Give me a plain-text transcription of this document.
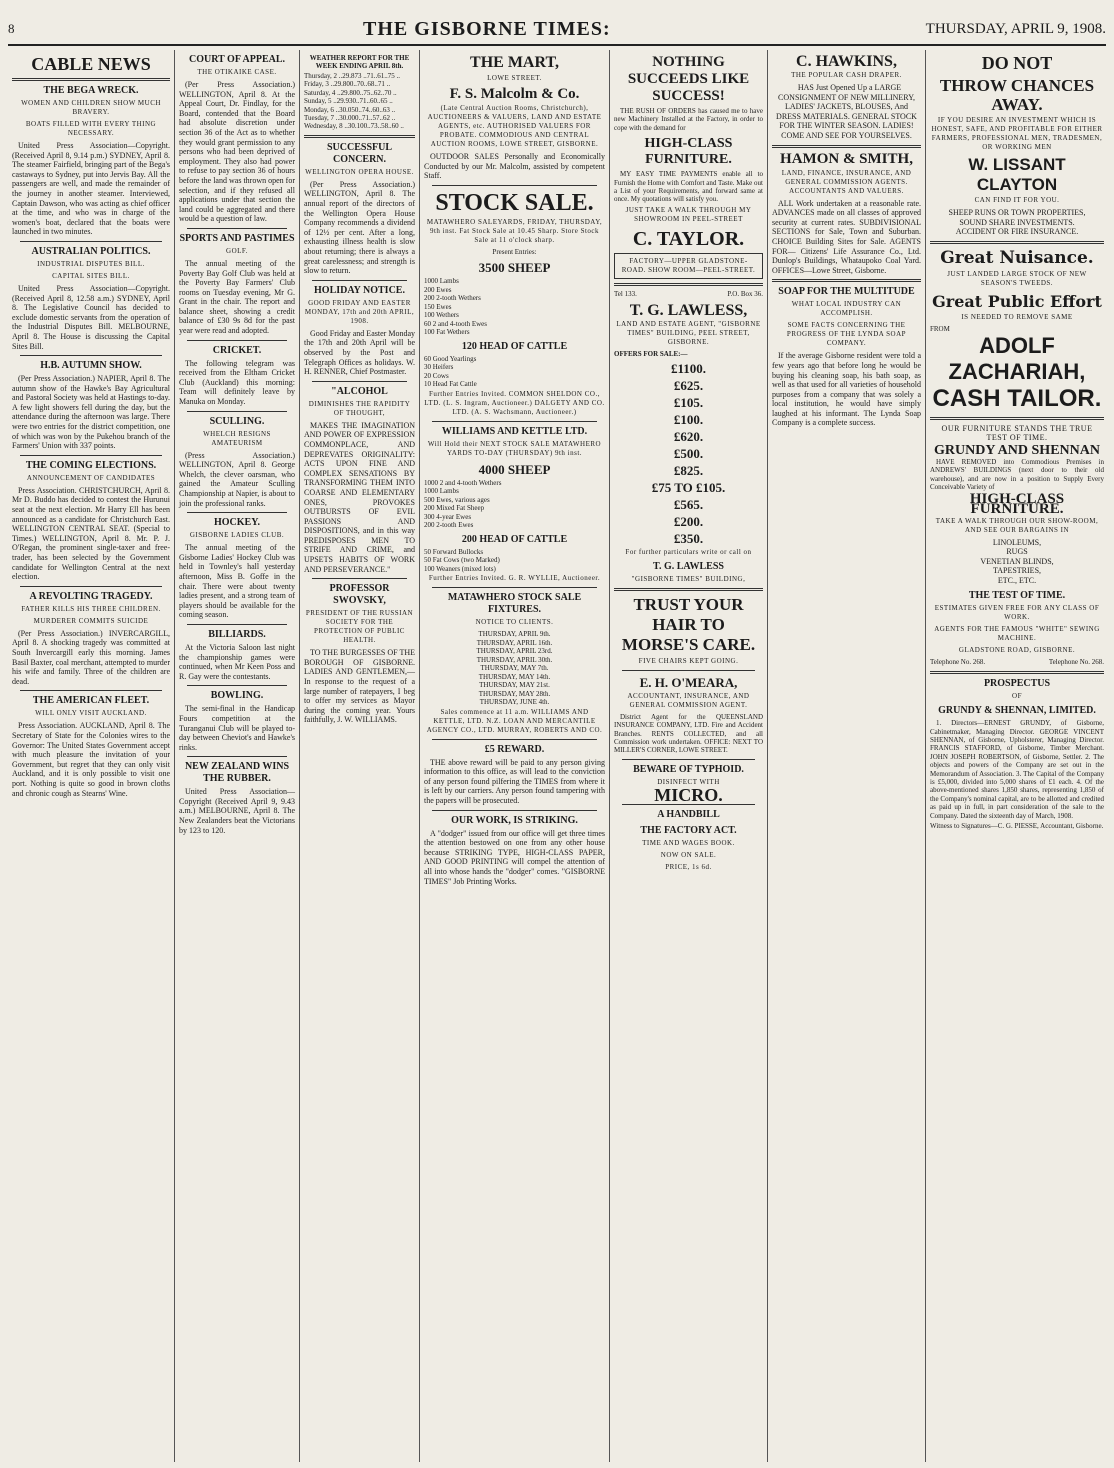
8	THE GISBORNE TIMES:	THURSDAY, APRIL 9, 1908.
CABLE NEWS
THE BEGA WRECK.
WOMEN AND CHILDREN SHOW MUCH BRAVERY.
BOATS FILLED WITH EVERY THING NECESSARY.

United Press Association—Copyright. (Received April 8, 9.14 p.m.) SYDNEY, April 8. The steamer Fairfield, bringing part of the Bega's castaways to Sydney, put into Jervis Bay. All the passengers are well, and made the remainder of the journey in another steamer. Interviewed, Captain Dawson, who was acting as chief officer at the time, and who was in charge of the women's boat, declared that the boats were launched in two minutes.

AUSTRALIAN POLITICS.
INDUSTRIAL DISPUTES BILL.
CAPITAL SITES BILL.

United Press Association—Copyright. (Received April 8, 12.58 a.m.) SYDNEY, April 8. The Legislative Council has decided to exclude domestic servants from the operation of the Industrial Disputes Bill. MELBOURNE, April 8. The House is discussing the Capital Sites Bill.

H.B. AUTUMN SHOW.

(Per Press Association.) NAPIER, April 8. The autumn show of the Hawke's Bay Agricultural and Pastoral Society was held at Hastings to-day. A few light showers fell during the day, but the attendance during the afternoon was large. There were two entries for the district competition, one of which was won by the Pukehou branch of the Farmers' Union with 337 points.

THE COMING ELECTIONS.
ANNOUNCEMENT OF CANDIDATES

Press Association. CHRISTCHURCH, April 8. Mr D. Buddo has decided to contest the Hurunui seat at the next election. Mr Harry Ell has been announced as a candidate for Christchurch East. WELLINGTON CENTRAL SEAT. (Special to Times.) WELLINGTON, April 8. Mr. P. J. O'Regan, the prominent single-taxer and free-trader, has been selected by the Government candidate for Wellington Central at the next election.

A REVOLTING TRAGEDY.
FATHER KILLS HIS THREE CHILDREN.
MURDERER COMMITS SUICIDE

(Per Press Association.) INVERCARGILL, April 8. A shocking tragedy was committed at South Invercargill early this morning. James Basil Baxter, coal merchant, attempted to murder his wife and family. Three of the children are dead.

THE AMERICAN FLEET.
WILL ONLY VISIT AUCKLAND.

Press Association. AUCKLAND, April 8. The Secretary of State for the Colonies wires to the Governor: The United States Government accept with much pleasure the invitation of your Government, but regret that they can only visit Auckland, and it is only possible to visit one port. Nothing is quite so good in brown cloths and chronic cough as Stearns' Wine.

COURT OF APPEAL.
THE OTIKAIKE CASE.

(Per Press Association.) WELLINGTON, April 8. At the Appeal Court, Dr. Findlay, for the Board, contended that the Board had absolute discretion under section 36 of the Act as to whether they would grant permission to any persons who had been deprived of employment. They also had power to refuse to pay section 36 of hours before the land was thrown open for selection, and if they refused all applications under that section the land could be aggregated and there would be a question of law.

SPORTS AND PASTIMES
GOLF.

The annual meeting of the Poverty Bay Golf Club was held at the Poverty Bay Farmers' Club rooms on Tuesday evening, Mr G. Grant in the chair. The report and balance sheet, showing a credit balance of £30 9s 8d for the past year were read and adopted.

CRICKET.

The following telegram was received from the Eltham Cricket Club (Auckland) this morning: Team will definitely leave by Manuka on Monday.

SCULLING.
WHELCH RESIGNS AMATEURISM

(Press Association.) WELLINGTON, April 8. George Whelch, the clever oarsman, who gained the Amateur Sculling Championship at Napier, is about to join the professional ranks.

HOCKEY.
GISBORNE LADIES CLUB.

The annual meeting of the Gisborne Ladies' Hockey Club was held in Townley's hall yesterday afternoon, Miss B. Goffe in the chair. There were about twenty ladies present, and a strong team of players should be available for the coming season.

BILLIARDS.

At the Victoria Saloon last night the championship games were continued, when Mr Keen Poss and R. Gay were the contestants.

BOWLING.

The semi-final in the Handicap Fours competition at the Turanganui Club will be played to-day between Cheviot's and Hawke's rinks.

NEW ZEALAND WINS THE RUBBER.

United Press Association—Copyright (Received April 9, 9.43 a.m.) MELBOURNE, April 8. The New Zealanders beat the Victorians by 123 to 120.

WEATHER REPORT FOR THE WEEK ENDING APRIL 8th.
Thursday, 2 ..29.873 ..71..61..75 ..
Friday, 3 ..29.800..70..68..71 ..
Saturday, 4 ..29.800..75..62..70 ..
Sunday, 5 ..29.930..71..60..65 ..
Monday, 6 ..30.050..74..60..63 ..
Tuesday, 7 ..30.000..71..57..62 ..
Wednesday, 8 ..30.100..73..58..60 ..
SUCCESSFUL CONCERN.
WELLINGTON OPERA HOUSE.

(Per Press Association.) WELLINGTON, April 8. The annual report of the directors of the Wellington Opera House Company recommends a dividend of 12½ per cent. After a long, exhausting illness health is slow about returning; there is always a great carelessness; and strength is slow to return.

HOLIDAY NOTICE.
GOOD FRIDAY AND EASTER MONDAY, 17th and 20th APRIL, 1908.

Good Friday and Easter Monday the 17th and 20th April will be observed by the Post and Telegraph Offices as holidays. W. H. RENNER, Chief Postmaster.

"ALCOHOL
DIMINISHES THE RAPIDITY OF THOUGHT,

MAKES THE IMAGINATION AND POWER OF EXPRESSION COMMONPLACE, AND DEPREVATES ORIGINALITY: ACTS UPON FINE AND COMPLEX SENSATIONS BY TRANSFORMING THEM INTO COARSE AND ELEMENTARY ONES, PROVOKES OUTBURSTS OF EVIL PASSIONS AND DISPOSITIONS, and in this way PREDISPOSES MEN TO STRIFE AND CRIME, and UPSETS HABITS OF WORK AND PERSEVERANCE."

PROFESSOR SWOVSKY,
PRESIDENT OF THE RUSSIAN SOCIETY FOR THE PROTECTION OF PUBLIC HEALTH.

TO THE BURGESSES OF THE BOROUGH OF GISBORNE. LADIES AND GENTLEMEN,— In response to the request of a large number of ratepayers, I beg to offer my services as Mayor during the coming year. Yours faithfully, J. W. WILLIAMS.

THE MART,
LOWE STREET.
F. S. Malcolm & Co.
(Late Central Auction Rooms, Christchurch), AUCTIONEERS & VALUERS, LAND AND ESTATE AGENTS, etc. AUTHORISED VALUERS FOR PROBATE. COMMODIOUS AND CENTRAL AUCTION ROOMS, LOWE STREET, GISBORNE.

OUTDOOR SALES Personally and Economically Conducted by our Mr. Malcolm, assisted by competent Staff.

STOCK SALE.
MATAWHERO SALEYARDS, FRIDAY, THURSDAY, 9th inst. Fat Stock Sale at 10.45 Sharp. Store Stock Sale at 11 o'clock sharp.
Present Entries:
3500 SHEEP
1000 Lambs
200 Ewes
200 2-tooth Wethers
150 Ewes
100 Wethers
60 2 and 4-tooth Ewes
100 Fat Wethers
120 HEAD OF CATTLE
60 Good Yearlings
30 Heifers
20 Cows
10 Head Fat Cattle
Further Entries Invited. COMMON SHELDON CO., LTD. (L. S. Ingram, Auctioneer.) DALGETY AND CO. LTD. (A. S. Wachsmann, Auctioneer.)
WILLIAMS AND KETTLE LTD.
Will Hold their NEXT STOCK SALE MATAWHERO YARDS TO-DAY (THURSDAY) 9th inst.
4000 SHEEP
1000 2 and 4-tooth Wethers
1000 Lambs
500 Ewes, various ages
200 Mixed Fat Sheep
300 4-year Ewes
200 2-tooth Ewes
200 HEAD OF CATTLE
50 Forward Bullocks
50 Fat Cows (two Marked)
100 Weaners (mixed lots)
Further Entries Invited. G. R. WYLLIE, Auctioneer.
MATAWHERO STOCK SALE FIXTURES.
NOTICE TO CLIENTS.
THURSDAY, APRIL 9th.
THURSDAY, APRIL 16th.
THURSDAY, APRIL 23rd.
THURSDAY, APRIL 30th.
THURSDAY, MAY 7th.
THURSDAY, MAY 14th.
THURSDAY, MAY 21st.
THURSDAY, MAY 28th.
THURSDAY, JUNE 4th.
Sales commence at 11 a.m. WILLIAMS AND KETTLE, LTD. N.Z. LOAN AND MERCANTILE AGENCY CO., LTD. MURRAY, ROBERTS AND CO.
£5 REWARD.

THE above reward will be paid to any person giving information to this office, as will lead to the conviction of any person found pilfering the TIMES from where it is left by our carriers. Any person found tampering with the papers will be prosecuted.

OUR WORK, IS STRIKING.

A "dodger" issued from our office will get three times the attention bestowed on one from any other house because STRIKING TYPE, HIGH-CLASS PAPER, AND GOOD PRINTING will compel the attention of all into whose hands the "dodger" comes. "GISBORNE TIMES" Job Printing Works.

NOTHING SUCCEEDS LIKE SUCCESS!

THE RUSH OF ORDERS has caused me to have new Machinery Installed at the Factory, in order to cope with the demand for

HIGH-CLASS FURNITURE.

MY EASY TIME PAYMENTS enable all to Furnish the Home with Comfort and Taste. Make out a List of your Requirements, and forward same at once. My quotations will satisfy you.

JUST TAKE A WALK THROUGH MY SHOWROOM IN PEEL-STREET
C. TAYLOR.
FACTORY—UPPER GLADSTONE-ROAD. SHOW ROOM—PEEL-STREET.
Tel 133.	P.O. Box 36.
T. G. LAWLESS,
LAND AND ESTATE AGENT, "GISBORNE TIMES" BUILDING, PEEL STREET, GISBORNE.
OFFERS FOR SALE:—
£1100.
£625.
£105.
£100.
£620.
£500.
£825.
£75 TO £105.
£565.
£200.
£350.
For further particulars write or call on
T. G. LAWLESS
"GISBORNE TIMES" BUILDING,
TRUST YOUR HAIR TO MORSE'S CARE.
FIVE CHAIRS KEPT GOING.
E. H. O'MEARA,
ACCOUNTANT, INSURANCE, AND GENERAL COMMISSION AGENT.

District Agent for the QUEENSLAND INSURANCE COMPANY, LTD. Fire and Accident Branches. RENTS COLLECTED, and all Commission work undertaken. OFFICE: NEXT TO MILLER'S CORNER, LOWE STREET.

BEWARE OF TYPHOID.
DISINFECT WITH
MICRO.
A HANDBILL
THE FACTORY ACT.
TIME AND WAGES BOOK.
NOW ON SALE.
PRICE, 1s 6d.
C. HAWKINS,
THE POPULAR CASH DRAPER.

HAS Just Opened Up a LARGE CONSIGNMENT OF NEW MILLINERY, LADIES' JACKETS, BLOUSES, And DRESS MATERIALS. GENERAL STOCK FOR THE WINTER SEASON. LADIES! COME AND SEE FOR YOURSELVES.

HAMON & SMITH,
LAND, FINANCE, INSURANCE, AND GENERAL COMMISSION AGENTS. ACCOUNTANTS AND VALUERS.

ALL Work undertaken at a reasonable rate. ADVANCES made on all classes of approved security at current rates. SUBDIVISIONAL SECTIONS for Sale, Town and Suburban. CHOICE Building Sites for Sale. AGENTS FOR— Citizens' Life Assurance Co., Ltd. Dunlop's Buildings, Whataupoko Coal Yard. OFFICES—Lowe Street, Gisborne.

SOAP FOR THE MULTITUDE
WHAT LOCAL INDUSTRY CAN ACCOMPLISH.
SOME FACTS CONCERNING THE PROGRESS OF THE LYNDA SOAP COMPANY.

If the average Gisborne resident were told a few years ago that before long he would be buying his cleaning soap, his bath soap, as well as that used for all varieties of household purposes from a company that was solely a local institution, he would have simply laughed at his informant. The Lynda Soap Company is a complete success.

DO NOT
THROW CHANCES AWAY.
IF YOU DESIRE AN INVESTMENT WHICH IS HONEST, SAFE, AND PROFITABLE FOR EITHER FARMERS, PROFESSIONAL MEN, TRADESMEN, OR WORKING MEN
W. LISSANT CLAYTON
CAN FIND IT FOR YOU.
SHEEP RUNS OR TOWN PROPERTIES,
SOUND SHARE INVESTMENTS.
ACCIDENT OR FIRE INSURANCE.
Great Nuisance.
JUST LANDED LARGE STOCK OF NEW SEASON'S TWEEDS.
Great Public Effort
IS NEEDED TO REMOVE SAME
FROM
ADOLF ZACHARIAH,
CASH TAILOR.
OUR FURNITURE STANDS THE TRUE TEST OF TIME.
GRUNDY AND SHENNAN

HAVE REMOVED into Commodious Premises in ANDREWS' BUILDINGS (next door to their old warehouse), and are now in a position to Supply Every Conceivable Variety of

HIGH-CLASS FURNITURE.
TAKE A WALK THROUGH OUR SHOW-ROOM, AND SEE OUR BARGAINS IN
LINOLEUMS,
RUGS
VENETIAN BLINDS,
TAPESTRIES,
ETC., ETC.
THE TEST OF TIME.
ESTIMATES GIVEN FREE FOR ANY CLASS OF WORK.
AGENTS FOR THE FAMOUS "WHITE" SEWING MACHINE.
GLADSTONE ROAD, GISBORNE.
Telephone No. 268.	Telephone No. 268.
PROSPECTUS
OF
GRUNDY & SHENNAN, LIMITED.

1. Directors—ERNEST GRUNDY, of Gisborne, Cabinetmaker, Managing Director. GEORGE VINCENT SHENNAN, of Gisborne, Upholsterer, Managing Director. FRANCIS STAFFORD, of Gisborne, Timber Merchant. JOHN JOSEPH ROBERTSON, of Gisborne, Settler. 2. The objects and powers of the Company are set out in the Memorandum of Association. 3. The Capital of the Company is £5,000, divided into 5,000 shares of £1 each. 4. Of the above-mentioned shares 1,850 shares, representing 1,850 of the Company's nominal capital, are to be allotted and credited as paid up in full, in part consideration of the sale to the Company. Dated the sixteenth day of March, 1908.

Witness to Signatures—C. G. PIESSE, Accountant, Gisborne.
